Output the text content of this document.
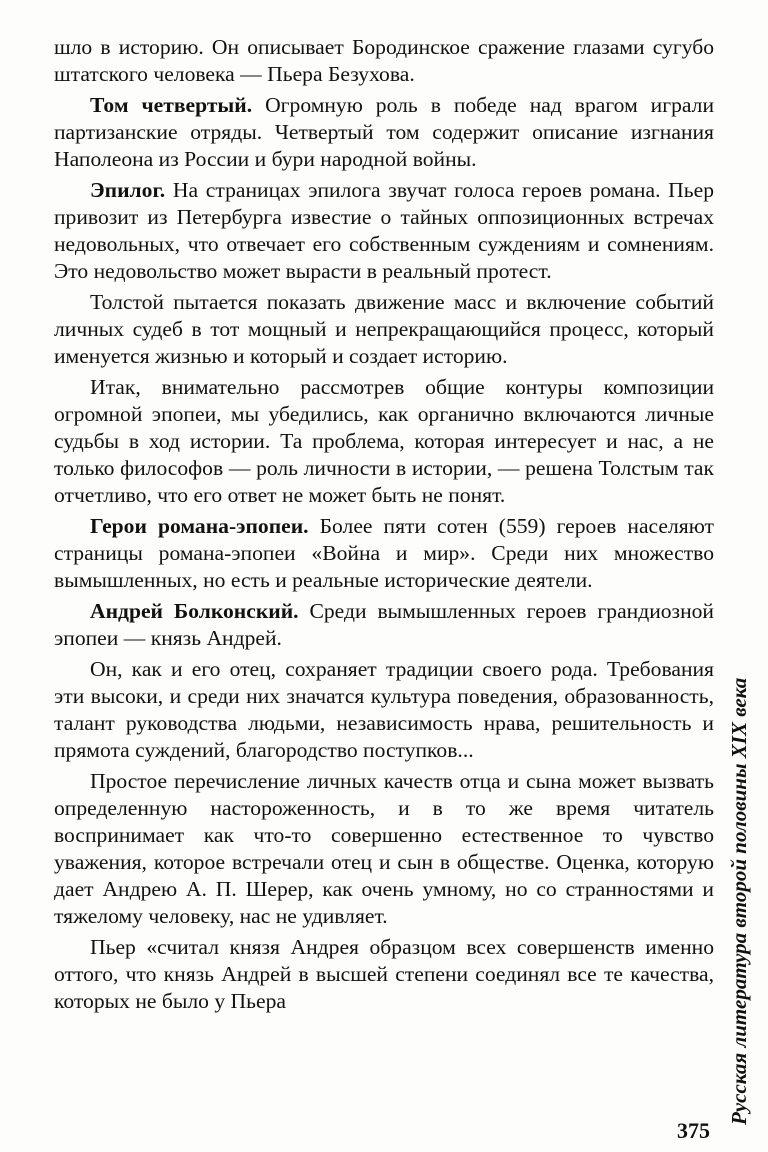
шло в историю. Он описывает Бородинское сражение глазами сугубо штатского человека — Пьера Безухова.

Том четвертый. Огромную роль в победе над врагом играли партизанские отряды. Четвертый том содержит описание изгнания Наполеона из России и бури народной войны.

Эпилог. На страницах эпилога звучат голоса героев романа. Пьер привозит из Петербурга известие о тайных оппозиционных встречах недовольных, что отвечает его собственным суждениям и сомнениям. Это недовольство может вырасти в реальный протест.

Толстой пытается показать движение масс и включение событий личных судеб в тот мощный и непрекращающийся процесс, который именуется жизнью и который и создает историю.

Итак, внимательно рассмотрев общие контуры композиции огромной эпопеи, мы убедились, как органично включаются личные судьбы в ход истории. Та проблема, которая интересует и нас, а не только философов — роль личности в истории, — решена Толстым так отчетливо, что его ответ не может быть не понят.

Герои романа-эпопеи. Более пяти сотен (559) героев населяют страницы романа-эпопеи «Война и мир». Среди них множество вымышленных, но есть и реальные исторические деятели.

Андрей Болконский. Среди вымышленных героев грандиозной эпопеи — князь Андрей.

Он, как и его отец, сохраняет традиции своего рода. Требования эти высоки, и среди них значатся культура поведения, образованность, талант руководства людьми, независимость нрава, решительность и прямота суждений, благородство поступков...

Простое перечисление личных качеств отца и сына может вызвать определенную настороженность, и в то же время читатель воспринимает как что-то совершенно естественное то чувство уважения, которое встречали отец и сын в обществе. Оценка, которую дает Андрею А. П. Шерер, как очень умному, но со странностями и тяжелому человеку, нас не удивляет.

Пьер «считал князя Андрея образцом всех совершенств именно оттого, что князь Андрей в высшей степени соединял все те качества, которых не было у Пьера	Русская литература второй половины XIX века
375
